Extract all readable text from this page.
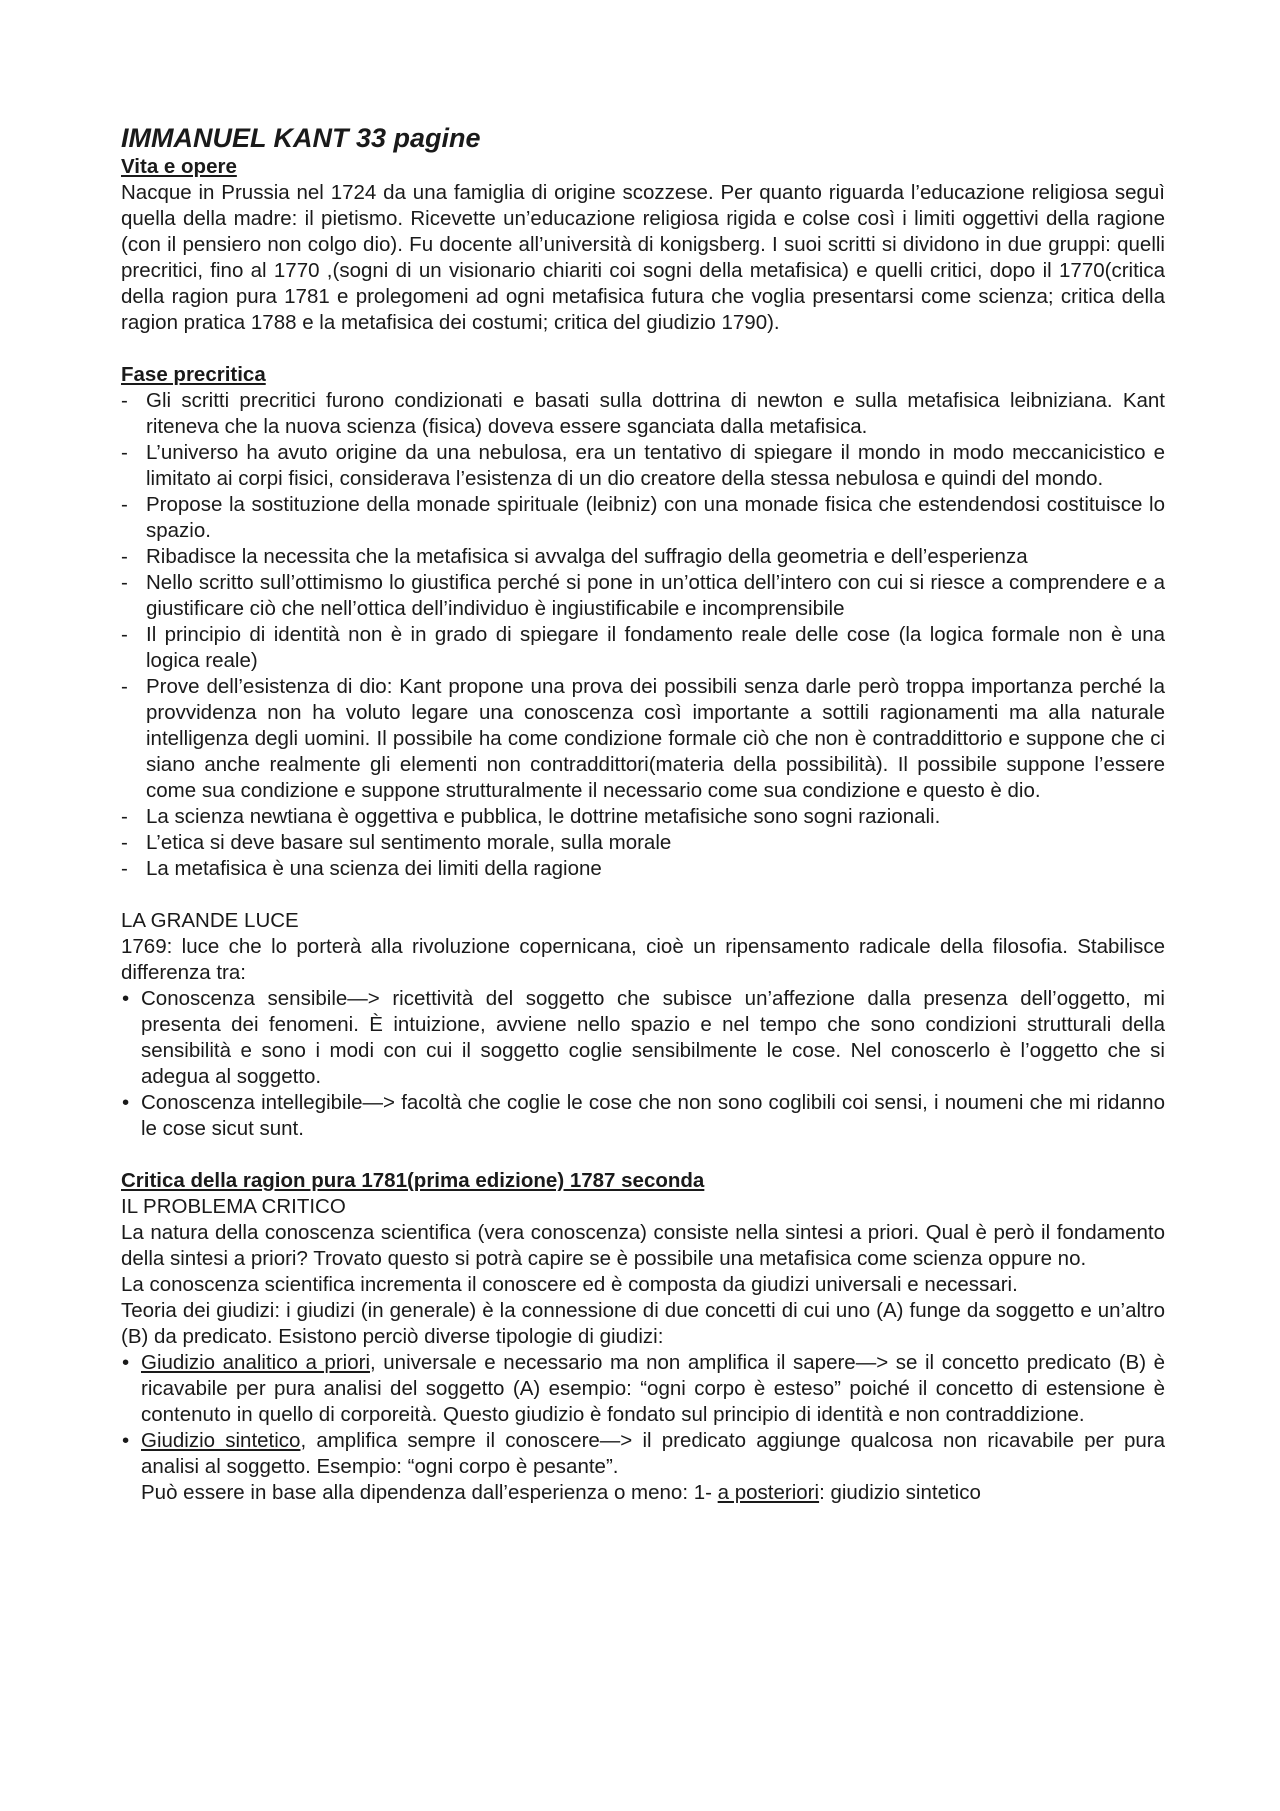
IMMANUEL KANT 33 pagine
Vita e opere

Nacque in Prussia nel 1724 da una famiglia di origine scozzese. Per quanto riguarda l’educazione religiosa seguì quella della madre: il pietismo. Ricevette un’educazione religiosa rigida e colse così i limiti oggettivi della ragione (con il pensiero non colgo dio). Fu docente all’università di konigsberg. I suoi scritti si dividono in due gruppi: quelli precritici, fino al 1770 ,(sogni di un visionario chiariti coi sogni della metafisica) e quelli critici, dopo il 1770(critica della ragion pura 1781 e prolegomeni ad ogni metafisica futura che voglia presentarsi come scienza; critica della ragion pratica 1788 e la metafisica dei costumi; critica del giudizio 1790).

Fase precritica
- Gli scritti precritici furono condizionati e basati sulla dottrina di newton e sulla metafisica leibniziana. Kant riteneva che la nuova scienza (fisica) doveva essere sganciata dalla metafisica.
- L’universo ha avuto origine da una nebulosa, era un tentativo di spiegare il mondo in modo meccanicistico e limitato ai corpi fisici, considerava l’esistenza di un dio creatore della stessa nebulosa e quindi del mondo.
- Propose la sostituzione della monade spirituale (leibniz) con una monade fisica che estendendosi costituisce lo spazio.
- Ribadisce la necessita che la metafisica si avvalga del suffragio della geometria e dell’esperienza
- Nello scritto sull’ottimismo lo giustifica perché si pone in un’ottica dell’intero con cui si riesce a comprendere e a giustificare ciò che nell’ottica dell’individuo è ingiustificabile e incomprensibile
- Il principio di identità non è in grado di spiegare il fondamento reale delle cose (la logica formale non è una logica reale)
- Prove dell’esistenza di dio: Kant propone una prova dei possibili senza darle però troppa importanza perché la provvidenza non ha voluto legare una conoscenza così importante a sottili ragionamenti ma alla naturale intelligenza degli uomini. Il possibile ha come condizione formale ciò che non è contraddittorio e suppone che ci siano anche realmente gli elementi non contraddittori(materia della possibilità). Il possibile suppone l’essere come sua condizione e suppone strutturalmente il necessario come sua condizione e questo è dio.
- La scienza newtiana è oggettiva e pubblica, le dottrine metafisiche sono sogni razionali.
- L’etica si deve basare sul sentimento morale, sulla morale
- La metafisica è una scienza dei limiti della ragione
LA GRANDE LUCE

1769: luce che lo porterà alla rivoluzione copernicana, cioè un ripensamento radicale della filosofia. Stabilisce differenza tra:

• Conoscenza sensibile—> ricettività del soggetto che subisce un’affezione dalla presenza dell’oggetto, mi presenta dei fenomeni. È intuizione, avviene nello spazio e nel tempo che sono condizioni strutturali della sensibilità e sono i modi con cui il soggetto coglie sensibilmente le cose. Nel conoscerlo è l’oggetto che si adegua al soggetto.
• Conoscenza intellegibile—> facoltà che coglie le cose che non sono coglibili coi sensi, i noumeni che mi ridanno le cose sicut sunt.
Critica della ragion pura 1781(prima edizione) 1787 seconda
IL PROBLEMA CRITICO

La natura della conoscenza scientifica (vera conoscenza) consiste nella sintesi a priori. Qual è però il fondamento della sintesi a priori? Trovato questo si potrà capire se è possibile una metafisica come scienza oppure no.

La conoscenza scientifica incrementa il conoscere ed è composta da giudizi universali e necessari.

Teoria dei giudizi: i giudizi (in generale) è la connessione di due concetti di cui uno (A) funge da soggetto e un’altro (B) da predicato. Esistono perciò diverse tipologie di giudizi:

• Giudizio analitico a priori, universale e necessario ma non amplifica il sapere—> se il concetto predicato (B) è ricavabile per pura analisi del soggetto (A) esempio: “ogni corpo è esteso” poiché il concetto di estensione è contenuto in quello di corporeità. Questo giudizio è fondato sul principio di identità e non contraddizione.
• Giudizio sintetico, amplifica sempre il conoscere—> il predicato aggiunge qualcosa non ricavabile per pura analisi al soggetto. Esempio: “ogni corpo è pesante”.
Può essere in base alla dipendenza dall’esperienza o meno: 1- a posteriori: giudizio sintetico
